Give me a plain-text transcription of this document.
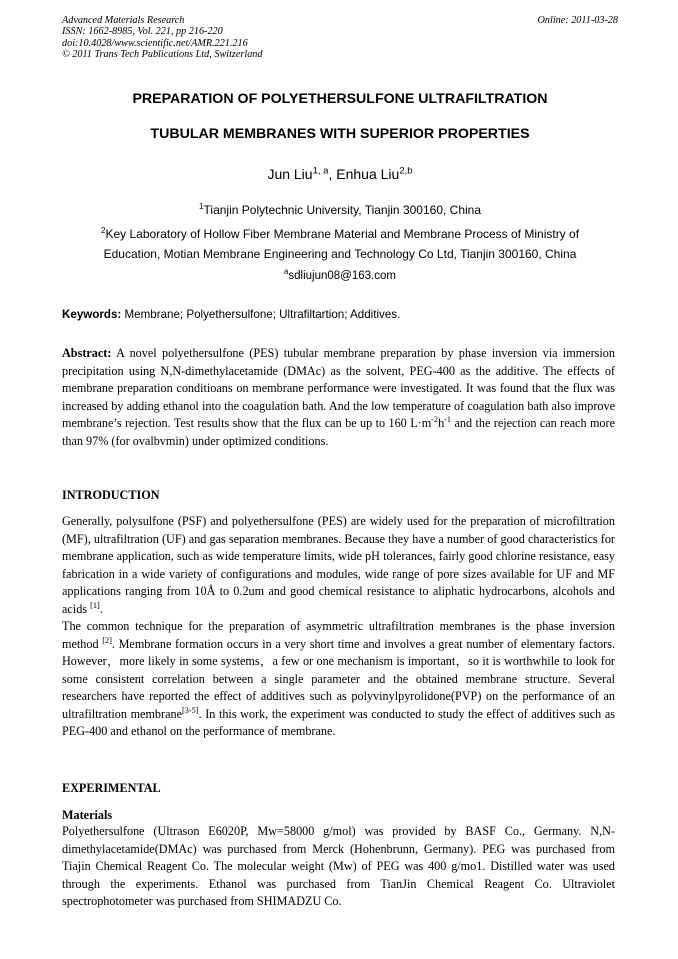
Advanced Materials Research
ISSN: 1662-8985, Vol. 221, pp 216-220
doi:10.4028/www.scientific.net/AMR.221.216
© 2011 Trans Tech Publications Ltd, Switzerland
Online: 2011-03-28
PREPARATION OF POLYETHERSULFONE ULTRAFILTRATION
TUBULAR MEMBRANES WITH SUPERIOR PROPERTIES
Jun Liu$^{1, a}$, Enhua Liu$^{2,b}$
$^1$Tianjin Polytechnic University, Tianjin 300160, China
$^2$Key Laboratory of Hollow Fiber Membrane Material and Membrane Process of Ministry of
Education, Motian Membrane Engineering and Technology Co Ltd, Tianjin 300160, China
$^a$sdliujun08@163.com
Keywords: Membrane; Polyethersulfone; Ultrafiltartion; Additives.

Abstract: A novel polyethersulfone (PES) tubular membrane preparation by phase inversion via immersion precipitation using N,N-dimethylacetamide (DMAc) as the solvent, PEG-400 as the additive. The effects of membrane preparation conditioans on membrane performance were investigated. It was found that the flux was increased by adding ethanol into the coagulation bath. And the low temperature of coagulation bath also improve membrane’s rejection. Test results show that the flux can be up to 160 $L\cdot m^{-2}h^{-1}$ and the rejection can reach more than 97% (for ovalbvmin) under optimized conditions.

INTRODUCTION

Generally, polysulfone (PSF) and polyethersulfone (PES) are widely used for the preparation of microfiltration (MF), ultrafiltration (UF) and gas separation membranes. Because they have a number of good characteristics for membrane application, such as wide temperature limits, wide pH tolerances, fairly good chlorine resistance, easy fabrication in a wide variety of configurations and modules, wide range of pore sizes available for UF and MF applications ranging from 10Å to 0.2um and good chemical resistance to aliphatic hydrocarbons, alcohols and acids [1].

The common technique for the preparation of asymmetric ultrafiltration membranes is the phase inversion method [2]. Membrane formation occurs in a very short time and involves a great number of elementary factors. However，more likely in some systems，a few or one mechanism is important，so it is worthwhile to look for some consistent correlation between a single parameter and the obtained membrane structure. Several researchers have reported the effect of additives such as polyvinylpyrolidone(PVP) on the performance of an ultrafiltration membrane[3-5]. In this work, the experiment was conducted to study the effect of additives such as PEG-400 and ethanol on the performance of membrane.

EXPERIMENTAL
Materials
Polyethersulfone (Ultrason E6020P, Mw=58000 g/mol) was provided by BASF Co., Germany. N,N-dimethylacetamide(DMAc) was purchased from Merck (Hohenbrunn, Germany). PEG was purchased from Tiajin Chemical Reagent Co. The molecular weight (Mw) of PEG was 400 g/mo1. Distilled water was used through the experiments. Ethanol was purchased from TianJin Chemical Reagent Co. Ultraviolet spectrophotometer was purchased from SHIMADZU Co.
